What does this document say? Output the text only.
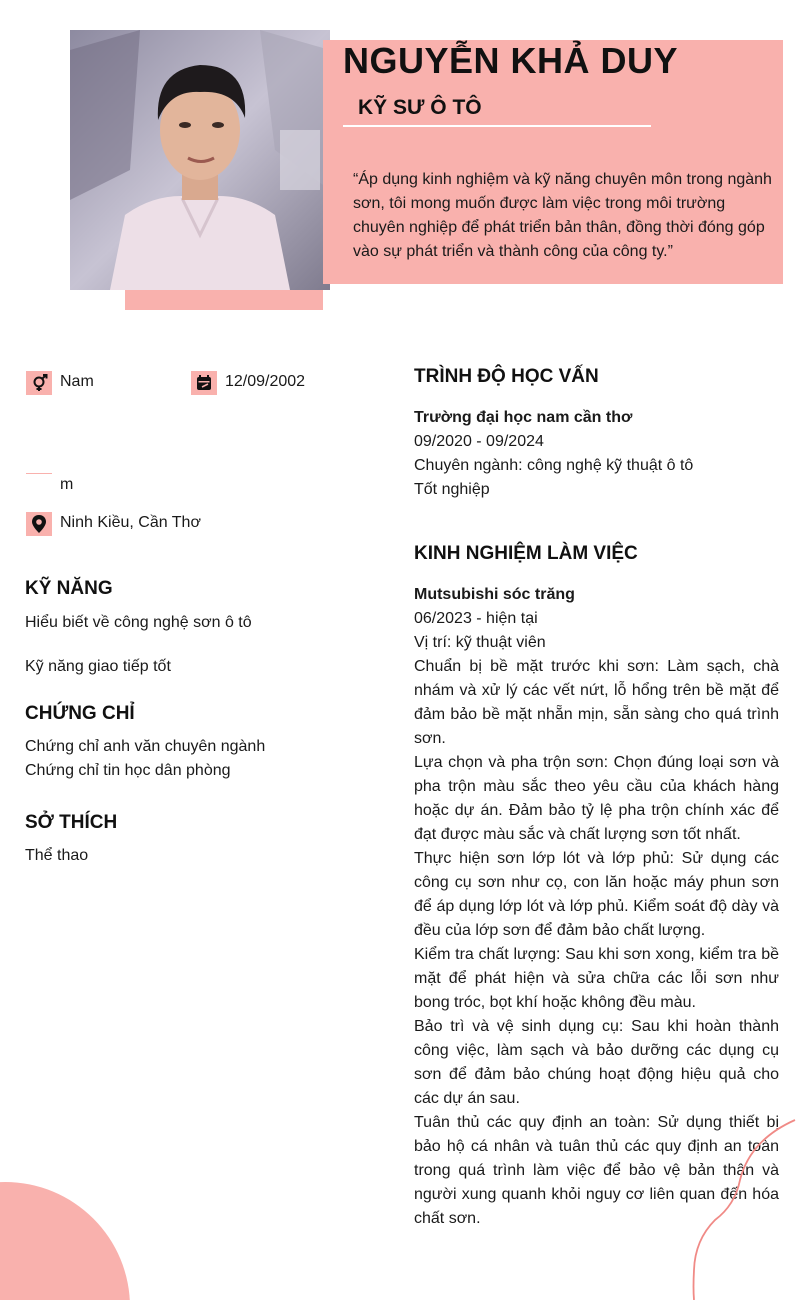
NGUYỄN KHẢ DUY
KỸ SƯ Ô TÔ
“Áp dụng kinh nghiệm và kỹ năng chuyên môn trong ngành sơn, tôi mong muốn được làm việc trong môi trường chuyên nghiệp để phát triển bản thân, đồng thời đóng góp vào sự phát triển và thành công của công ty.”
Nam	12/09/2002
m
Ninh Kiều, Cần Thơ
KỸ NĂNG
Hiểu biết về công nghệ sơn ô tô
Kỹ năng giao tiếp tốt
CHỨNG CHỈ
Chứng chỉ anh văn chuyên ngành
Chứng chỉ tin học dân phòng
SỞ THÍCH
Thể thao
TRÌNH ĐỘ HỌC VẤN
Trường đại học nam cần thơ
09/2020 - 09/2024
Chuyên ngành: công nghệ kỹ thuật ô tô
Tốt nghiệp
KINH NGHIỆM LÀM VIỆC
Mutsubishi sóc trăng
06/2023 - hiện tại
Vị trí: kỹ thuật viên
Chuẩn bị bề mặt trước khi sơn: Làm sạch, chà nhám và xử lý các vết nứt, lỗ hổng trên bề mặt để đảm bảo bề mặt nhẵn mịn, sẵn sàng cho quá trình sơn.
Lựa chọn và pha trộn sơn: Chọn đúng loại sơn và pha trộn màu sắc theo yêu cầu của khách hàng hoặc dự án. Đảm bảo tỷ lệ pha trộn chính xác để đạt được màu sắc và chất lượng sơn tốt nhất.
Thực hiện sơn lớp lót và lớp phủ: Sử dụng các công cụ sơn như cọ, con lăn hoặc máy phun sơn để áp dụng lớp lót và lớp phủ. Kiểm soát độ dày và đều của lớp sơn để đảm bảo chất lượng.
Kiểm tra chất lượng: Sau khi sơn xong, kiểm tra bề mặt để phát hiện và sửa chữa các lỗi sơn như bong tróc, bọt khí hoặc không đều màu.
Bảo trì và vệ sinh dụng cụ: Sau khi hoàn thành công việc, làm sạch và bảo dưỡng các dụng cụ sơn để đảm bảo chúng hoạt động hiệu quả cho các dự án sau.
Tuân thủ các quy định an toàn: Sử dụng thiết bị bảo hộ cá nhân và tuân thủ các quy định an toàn trong quá trình làm việc để bảo vệ bản thân và người xung quanh khỏi nguy cơ liên quan đến hóa chất sơn.
